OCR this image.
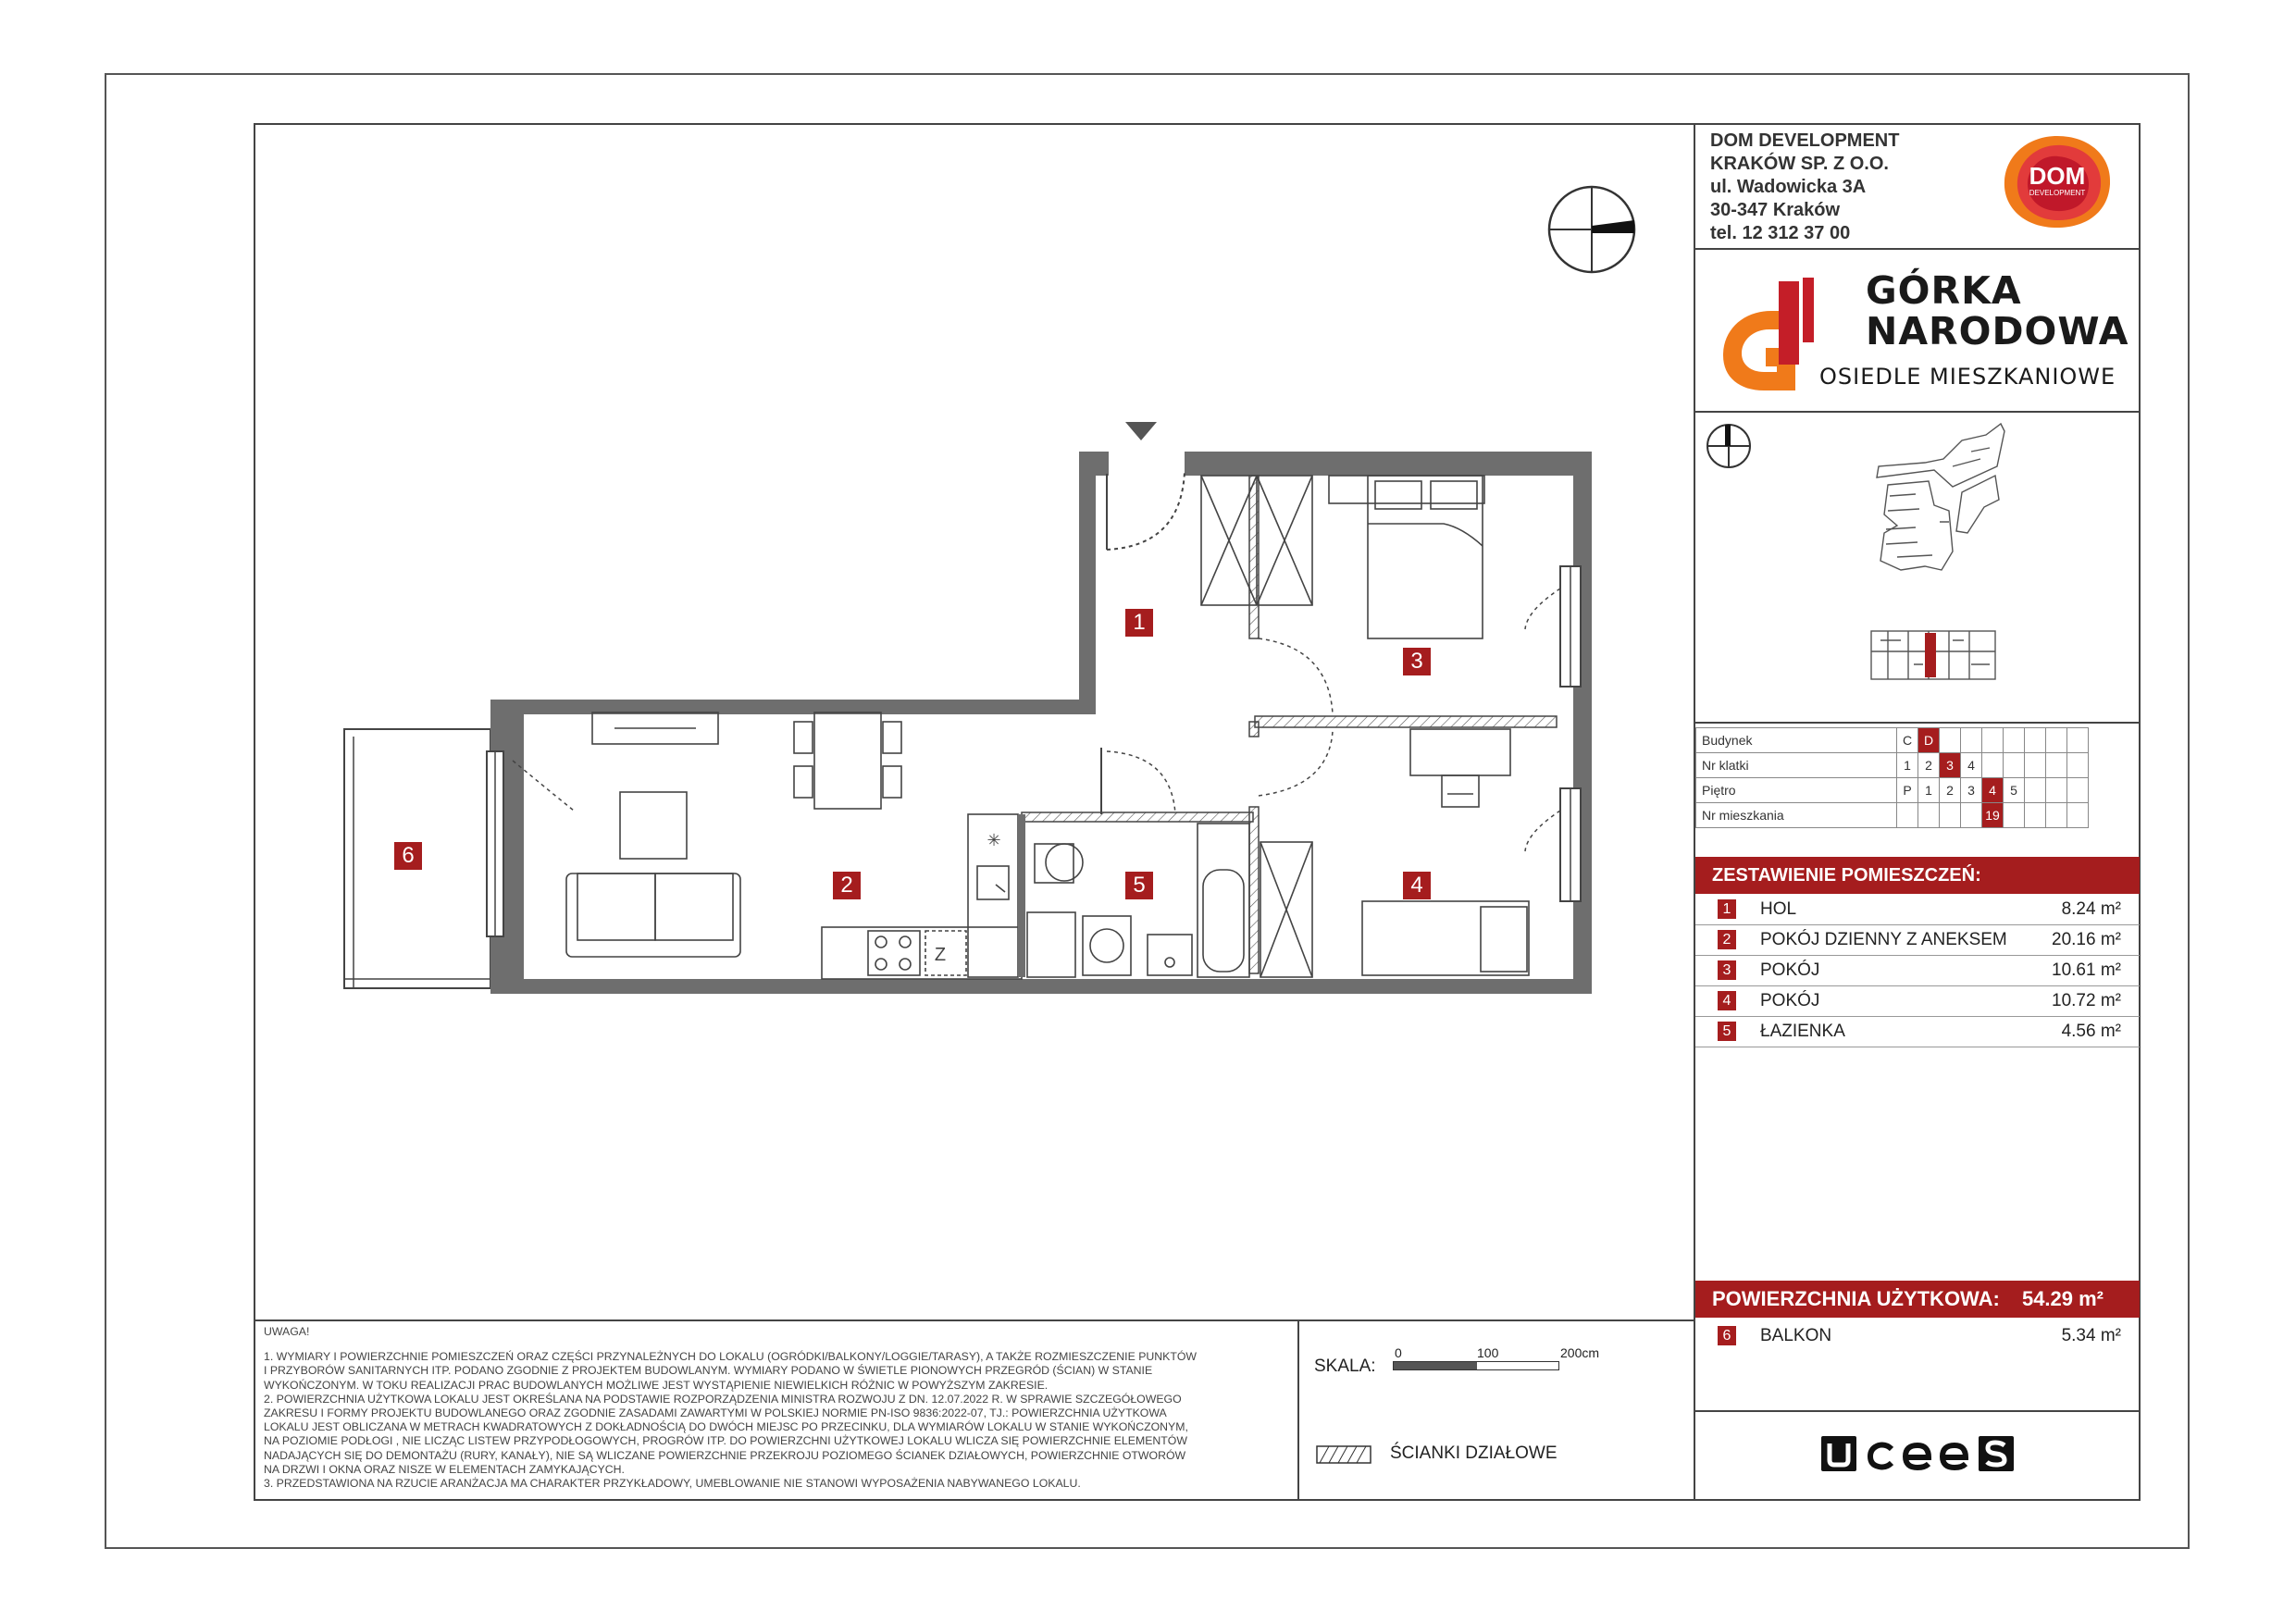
DOM DEVELOPMENT
KRAKÓW SP. Z O.O.
ul. Wadowicka 3A
30-347 Kraków
tel. 12 312 37 00
DOM
DEVELOPMENT
GÓRKA
NARODOWA
OSIEDLE MIESZKANIOWE
Budynek	C	D							
Nr klatki	1	2	3	4					
Piętro	P	1	2	3	4	5			
Nr mieszkania					19				
ZESTAWIENIE POMIESZCZEŃ:
1 HOL	8.24 m²
2 POKÓJ DZIENNY Z ANEKSEM	20.16 m²
3 POKÓJ	10.61 m²
4 POKÓJ	10.72 m²
5 ŁAZIENKA	4.56 m²
POWIERZCHNIA UŻYTKOWA: 54.29 m²
6 BALKON	5.34 m²
UWAGA!
1. WYMIARY I POWIERZCHNIE POMIESZCZEŃ ORAZ CZĘŚCI PRZYNALEŻNYCH DO LOKALU (OGRÓDKI/BALKONY/LOGGIE/TARASY), A TAKŻE ROZMIESZCZENIE PUNKTÓW
I PRZYBORÓW SANITARNYCH ITP. PODANO ZGODNIE Z PROJEKTEM BUDOWLANYM. WYMIARY PODANO W ŚWIETLE PIONOWYCH PRZEGRÓD (ŚCIAN) W STANIE
WYKOŃCZONYM. W TOKU REALIZACJI PRAC BUDOWLANYCH MOŻLIWE JEST WYSTĄPIENIE NIEWIELKICH RÓŻNIC W POWYŻSZYM ZAKRESIE.
2. POWIERZCHNIA UŻYTKOWA LOKALU JEST OKREŚLANA NA PODSTAWIE ROZPORZĄDZENIA MINISTRA ROZWOJU Z DN. 12.07.2022 R. W SPRAWIE SZCZEGÓŁOWEGO
ZAKRESU I FORMY PROJEKTU BUDOWLANEGO ORAZ ZGODNIE ZASADAMI ZAWARTYMI W POLSKIEJ NORMIE PN-ISO 9836:2022-07, TJ.: POWIERZCHNIA UŻYTKOWA
LOKALU JEST OBLICZANA W METRACH KWADRATOWYCH Z DOKŁADNOŚCIĄ DO DWÓCH MIEJSC PO PRZECINKU, DLA WYMIARÓW LOKALU W STANIE WYKOŃCZONYM,
NA POZIOMIE PODŁOGI , NIE LICZĄC LISTEW PRZYPODŁOGOWYCH, PROGRÓW ITP. DO POWIERZCHNI UŻYTKOWEJ LOKALU WLICZA SIĘ POWIERZCHNIE ELEMENTÓW
NADAJĄCYCH SIĘ DO DEMONTAŻU (RURY, KANAŁY), NIE SĄ WLICZANE POWIERZCHNIE PRZEKROJU POZIOMEGO ŚCIANEK DZIAŁOWYCH, POWIERZCHNIE OTWORÓW
NA DRZWI I OKNA ORAZ NISZE W ELEMENTACH ZAMYKAJĄCYCH.
3. PRZEDSTAWIONA NA RZUCIE ARANŻACJA MA CHARAKTER PRZYKŁADOWY, UMEBLOWANIE NIE STANOWI WYPOSAŻENIA NABYWANEGO LOKALU.
SKALA:
0	100	200cm
ŚCIANKI DZIAŁOWE
Z
✳
1
2
3
4
5
6
